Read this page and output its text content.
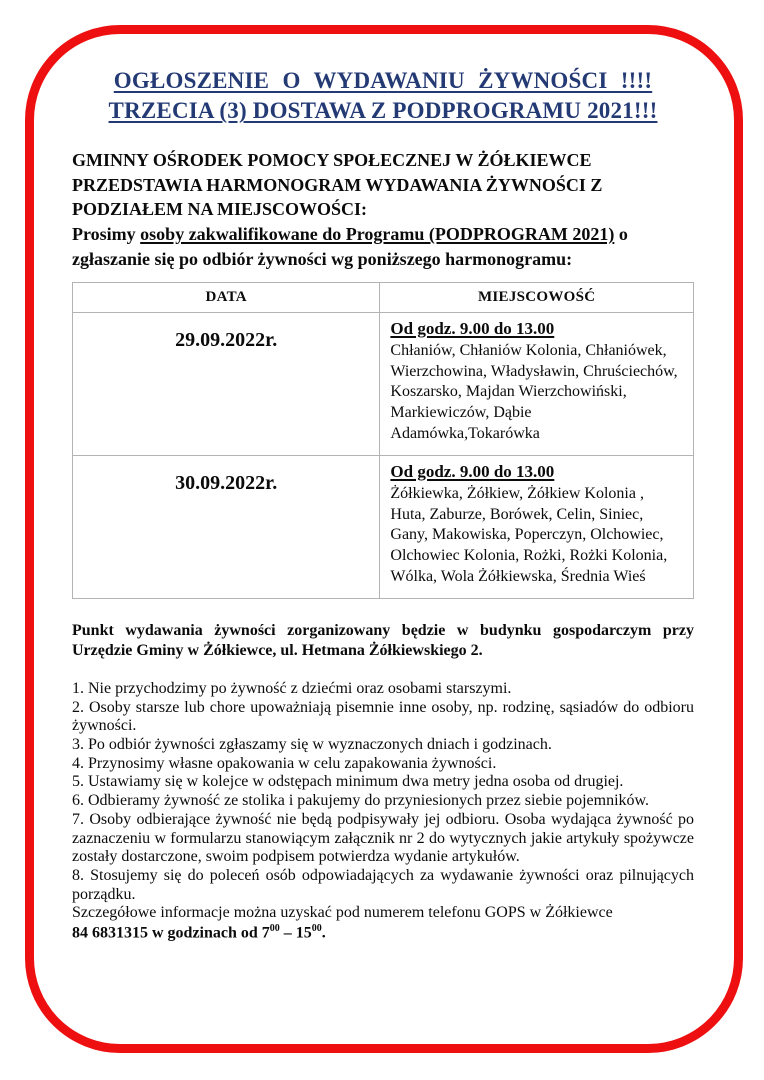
OGŁOSZENIE O WYDAWANIU ŻYWNOŚCI !!!!
TRZECIA (3) DOSTAWA Z PODPROGRAMU 2021!!!

GMINNY OŚRODEK POMOCY SPOŁECZNEJ W ŻÓŁKIEWCE PRZEDSTAWIA HARMONOGRAM WYDAWANIA ŻYWNOŚCI Z PODZIAŁEM NA MIEJSCOWOŚCI:

Prosimy osoby zakwalifikowane do Programu (PODPROGRAM 2021) o zgłaszanie się po odbiór żywności wg poniższego harmonogramu:

DATA	MIEJSCOWOŚĆ
29.09.2022r.	Od godz. 9.00 do 13.00
Chłaniów, Chłaniów Kolonia, Chłaniówek, Wierzchowina, Władysławin, Chruściechów, Koszarsko, Majdan Wierzchowiński, Markiewiczów, Dąbie Adamówka,Tokarówka

30.09.2022r.	Od godz. 9.00 do 13.00
Żółkiewka, Żółkiew, Żółkiew Kolonia , Huta, Zaburze, Borówek, Celin, Siniec, Gany, Makowiska, Poperczyn, Olchowiec, Olchowiec Kolonia, Rożki, Rożki Kolonia, Wólka, Wola Żółkiewska, Średnia Wieś

Punkt wydawania żywności zorganizowany będzie w budynku gospodarczym przy Urzędzie Gminy w Żółkiewce, ul. Hetmana Żółkiewskiego 2.

1. Nie przychodzimy po żywność z dziećmi oraz osobami starszymi.
2. Osoby starsze lub chore upoważniają pisemnie inne osoby, np. rodzinę, sąsiadów do odbioru żywności.
3. Po odbiór żywności zgłaszamy się w wyznaczonych dniach i godzinach.
4. Przynosimy własne opakowania w celu zapakowania żywności.
5. Ustawiamy się w kolejce w odstępach minimum dwa metry jedna osoba od drugiej.
6. Odbieramy żywność ze stolika i pakujemy do przyniesionych przez siebie pojemników.
7. Osoby odbierające żywność nie będą podpisywały jej odbioru. Osoba wydająca żywność po zaznaczeniu w formularzu stanowiącym załącznik nr 2 do wytycznych jakie artykuły spożywcze zostały dostarczone, swoim podpisem potwierdza wydanie artykułów.
8. Stosujemy się do poleceń osób odpowiadających za wydawanie żywności oraz pilnujących porządku.

Szczegółowe informacje można uzyskać pod numerem telefonu GOPS w Żółkiewce

84 6831315 w godzinach od $7^{00} - 15^{00}$.
